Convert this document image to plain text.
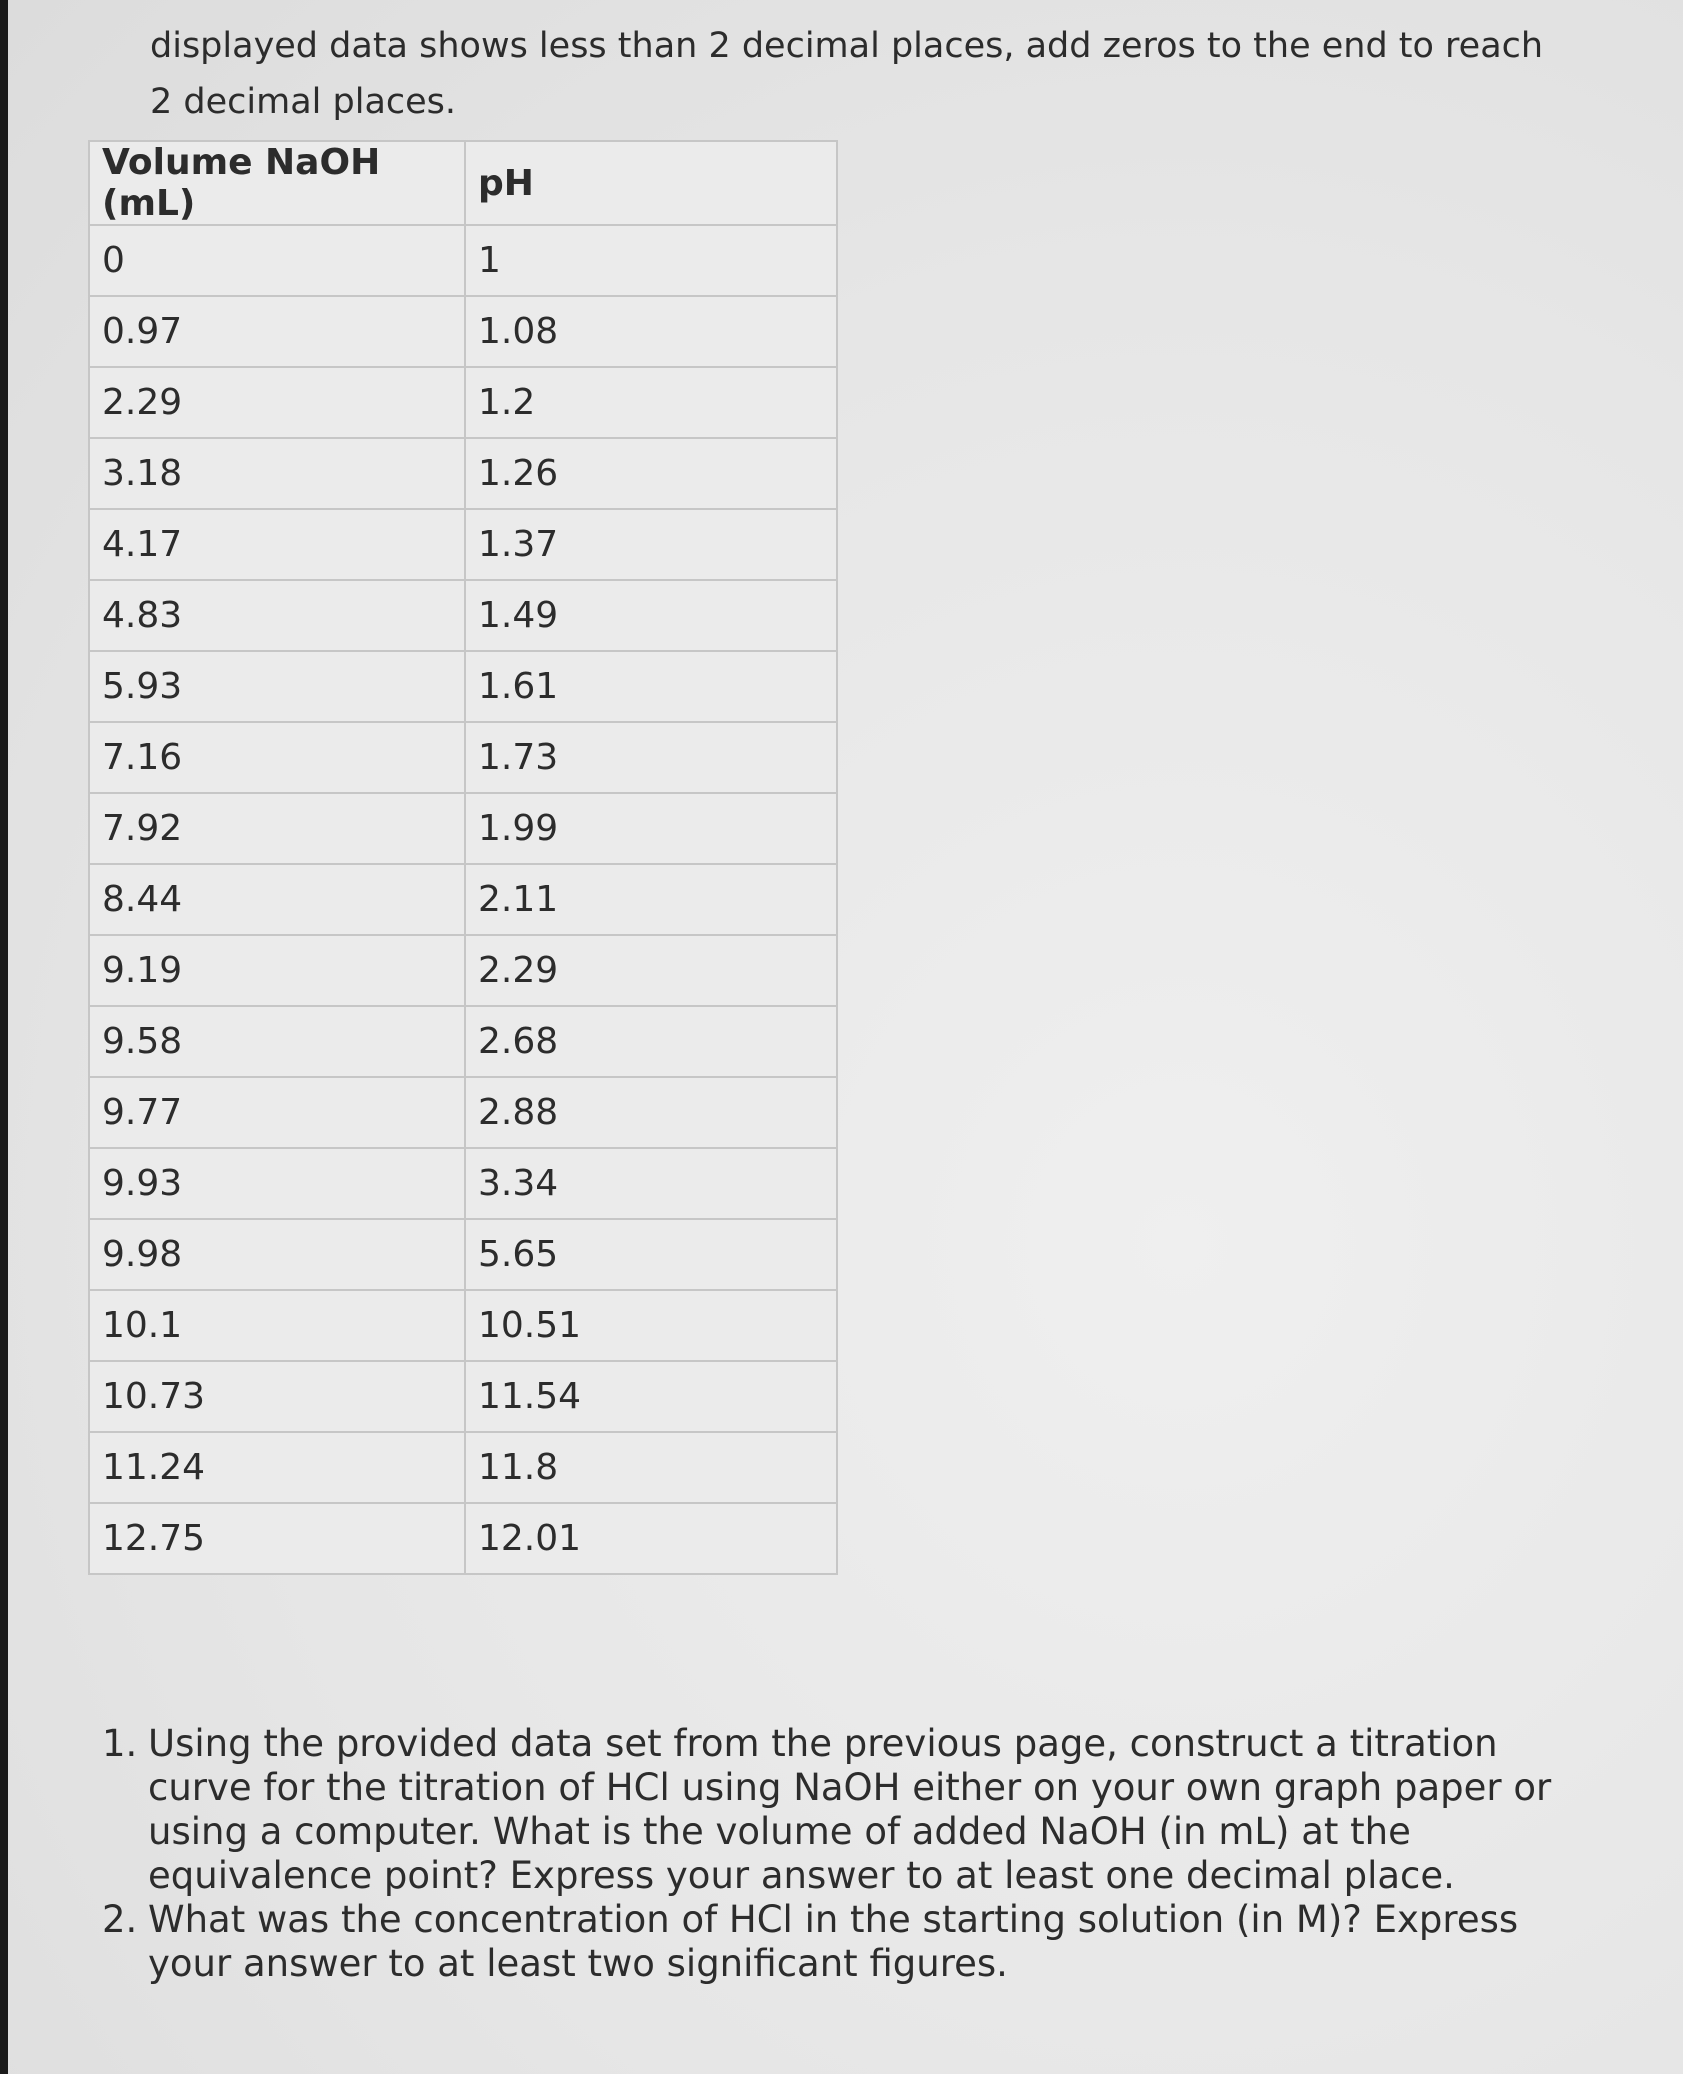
displayed data shows less than 2 decimal places, add zeros to the end to reach 2 decimal places.

Volume NaOH (mL)	pH
0	1
0.97	1.08
2.29	1.2
3.18	1.26
4.17	1.37
4.83	1.49
5.93	1.61
7.16	1.73
7.92	1.99
8.44	2.11
9.19	2.29
9.58	2.68
9.77	2.88
9.93	3.34
9.98	5.65
10.1	10.51
10.73	11.54
11.24	11.8
12.75	12.01
1. Using the provided data set from the previous page, construct a titration curve for the titration of HCl using NaOH either on your own graph paper or using a computer. What is the volume of added NaOH (in mL) at the equivalence point? Express your answer to at least one decimal place.
2. What was the concentration of HCl in the starting solution (in M)? Express your answer to at least two significant figures.
